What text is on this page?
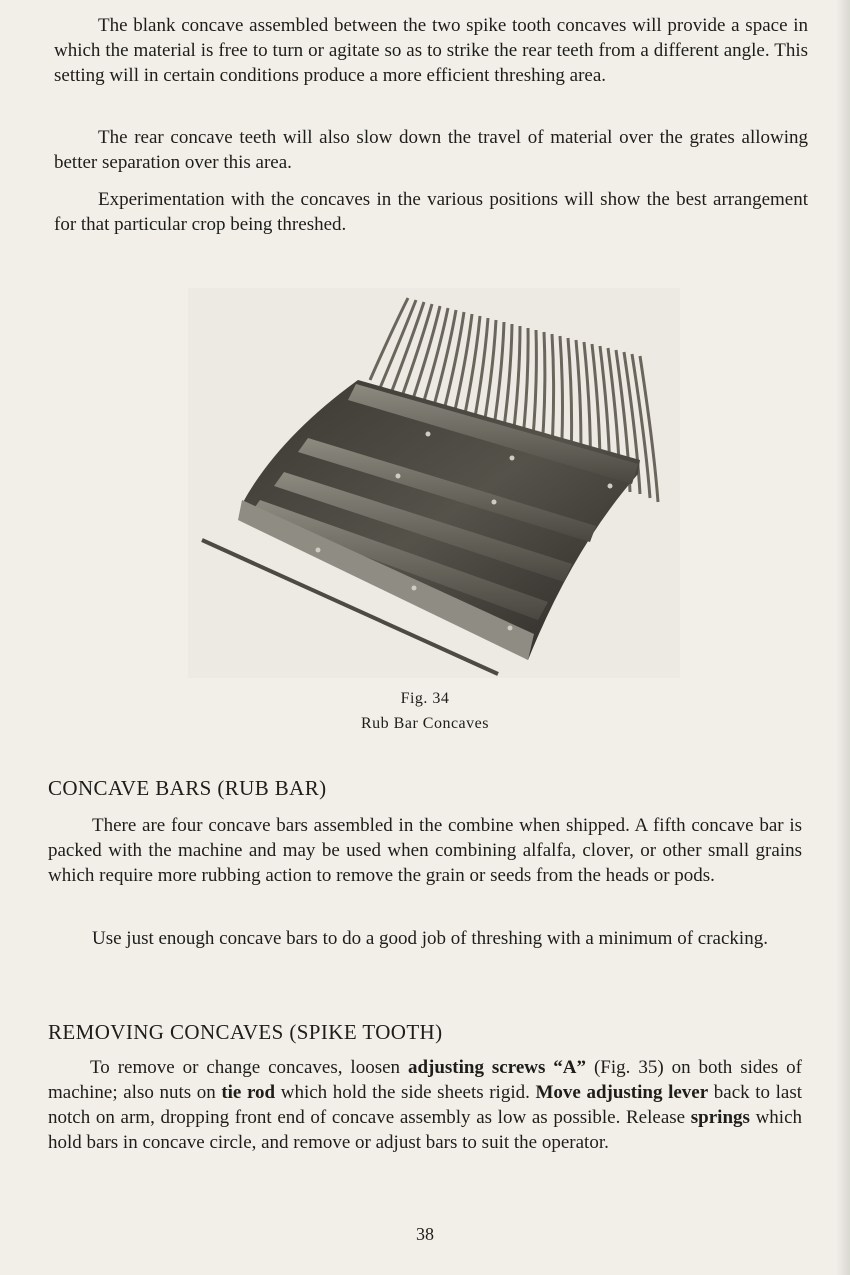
The blank concave assembled between the two spike tooth concaves will provide a space in which the material is free to turn or agitate so as to strike the rear teeth from a different angle. This setting will in certain conditions produce a more efficient threshing area.

The rear concave teeth will also slow down the travel of material over the grates allowing better separation over this area.

Experimentation with the concaves in the various positions will show the best arrangement for that particular crop being threshed.

Fig. 34
Rub Bar Concaves
CONCAVE BARS (RUB BAR)

There are four concave bars assembled in the combine when shipped. A fifth concave bar is packed with the machine and may be used when combining alfalfa, clover, or other small grains which require more rubbing action to remove the grain or seeds from the heads or pods.

Use just enough concave bars to do a good job of threshing with a minimum of cracking.

REMOVING CONCAVES (SPIKE TOOTH)

To remove or change concaves, loosen adjusting screws “A” (Fig. 35) on both sides of machine; also nuts on tie rod which hold the side sheets rigid. Move adjusting lever back to last notch on arm, dropping front end of concave assembly as low as possible. Release springs which hold bars in concave circle, and remove or adjust bars to suit the operator.

38
